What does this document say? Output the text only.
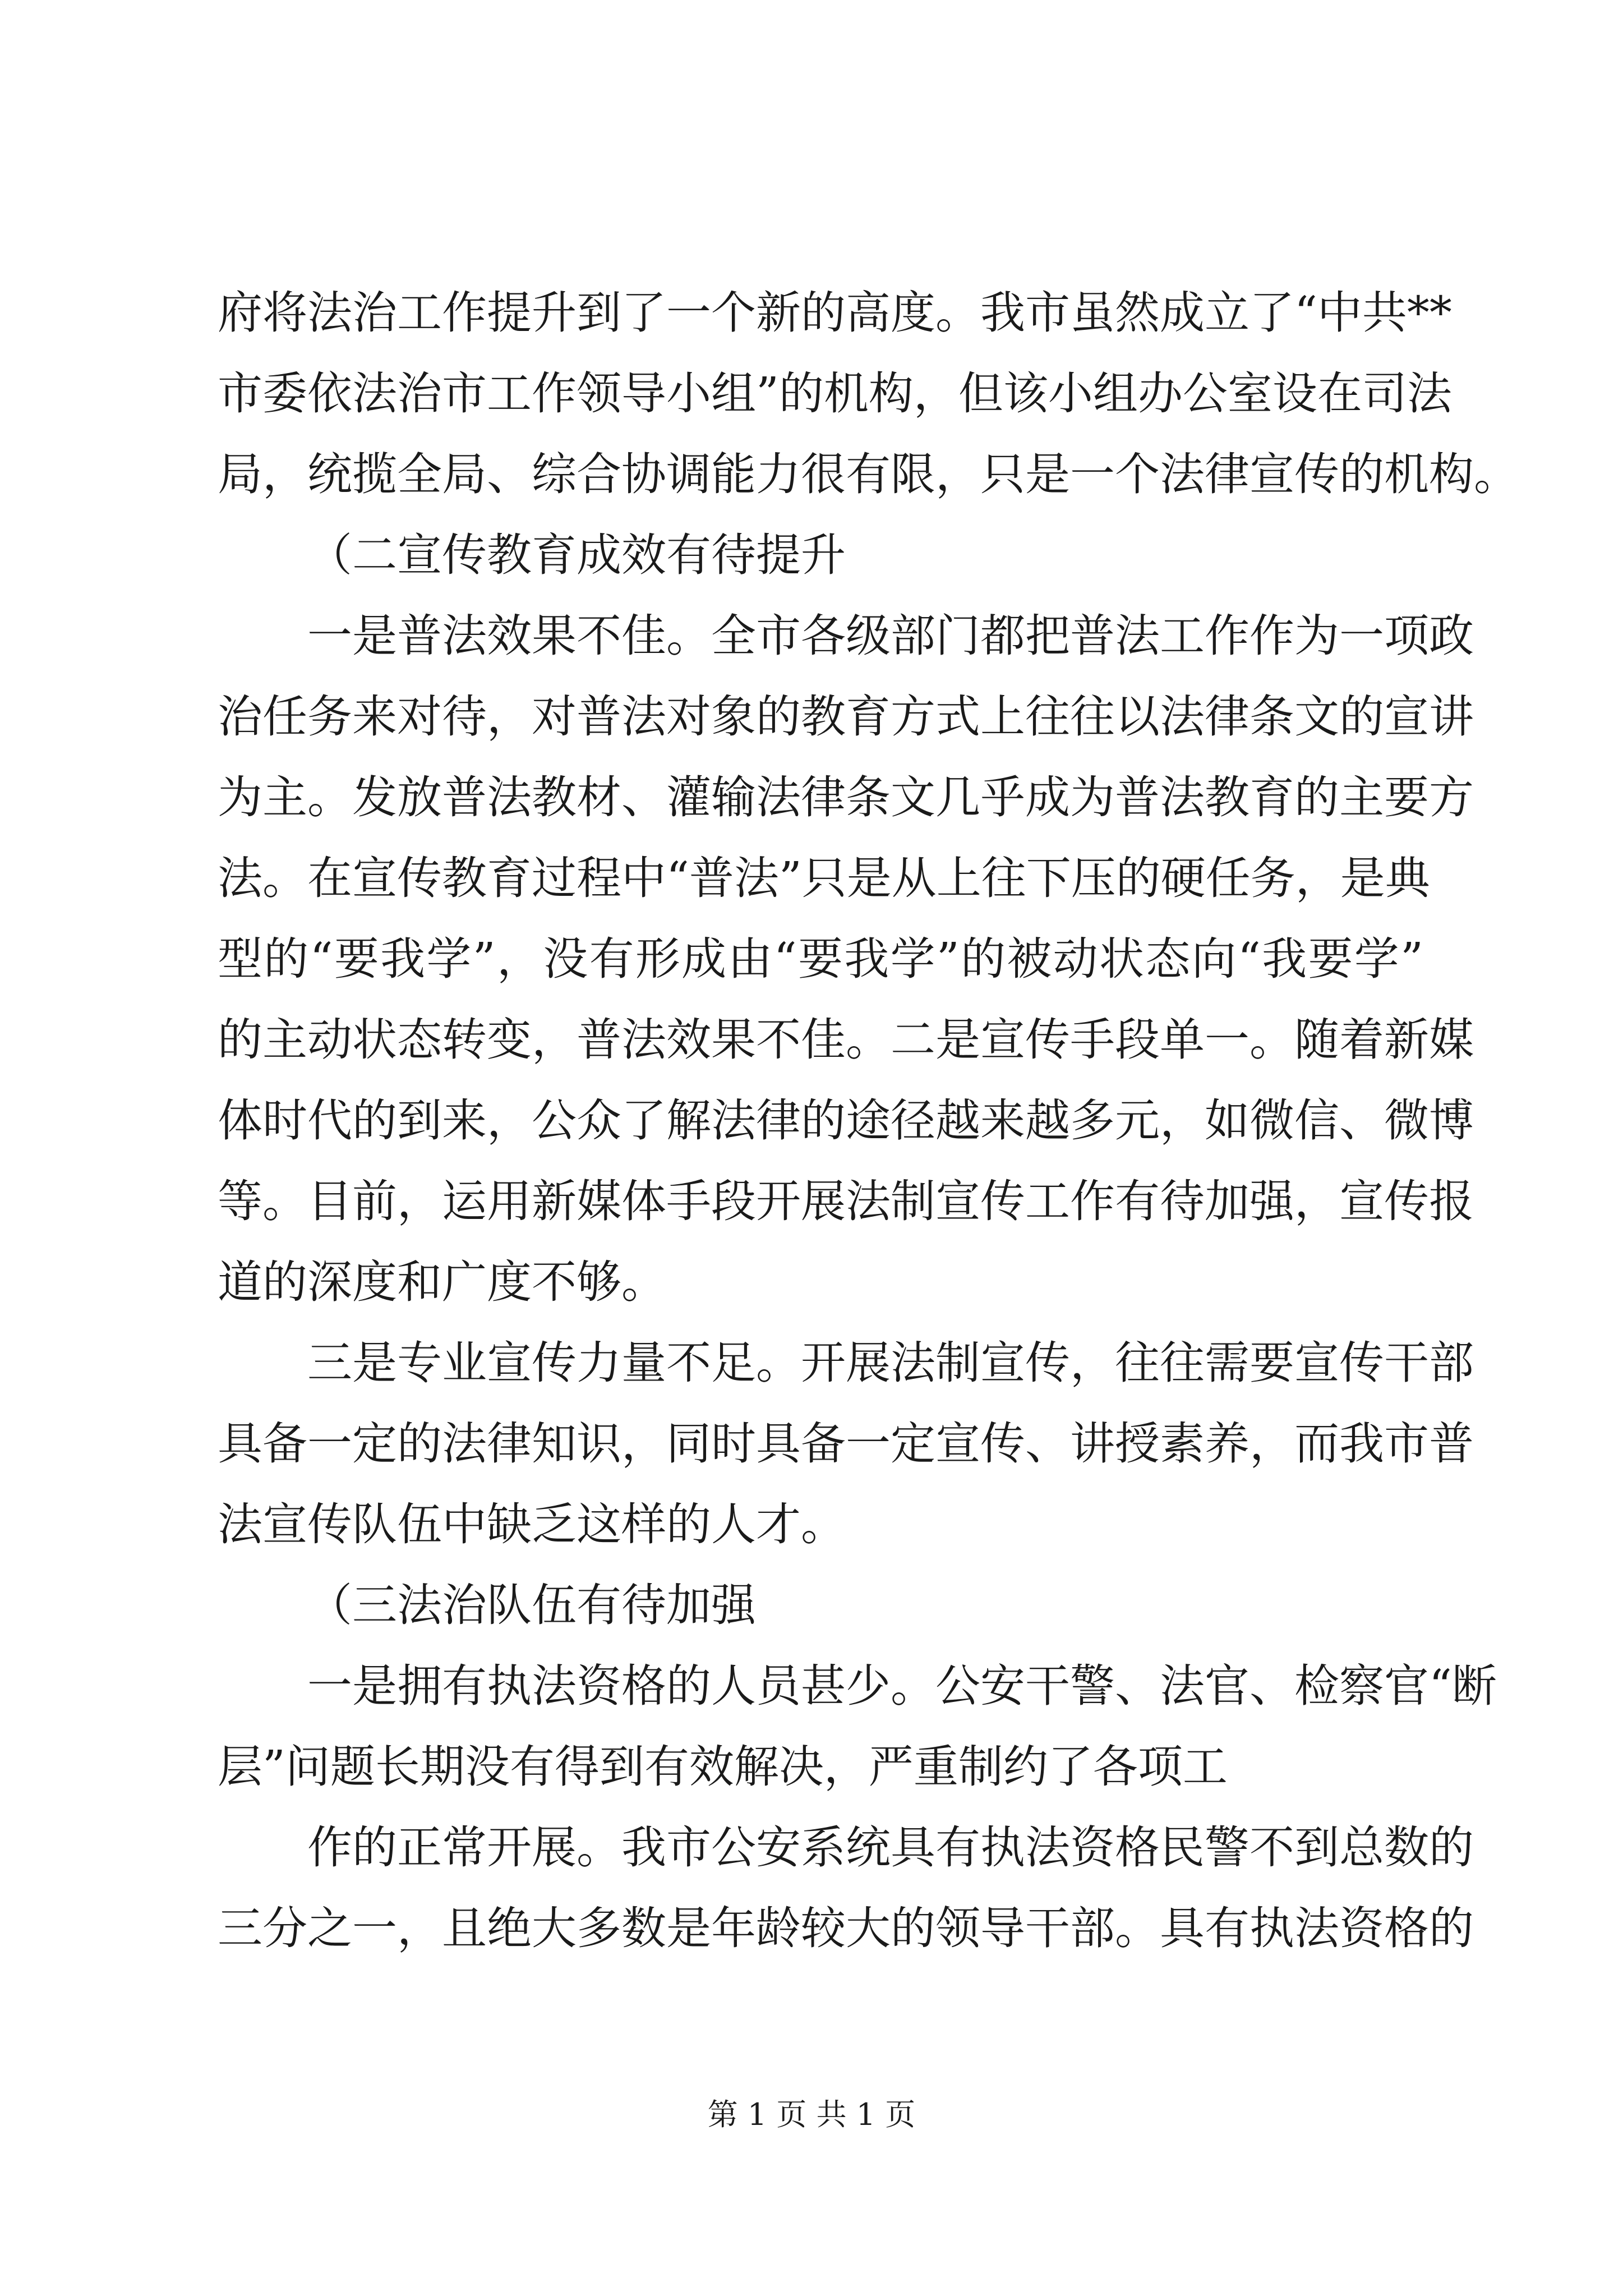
府将法治工作提升到了一个新的高度。我市虽然成立了“中共**
市委依法治市工作领导小组”的机构，但该小组办公室设在司法
局，统揽全局、综合协调能力很有限，只是一个法律宣传的机构。
（二宣传教育成效有待提升
一是普法效果不佳。全市各级部门都把普法工作作为一项政
治任务来对待，对普法对象的教育方式上往往以法律条文的宣讲
为主。发放普法教材、灌输法律条文几乎成为普法教育的主要方
法。在宣传教育过程中“普法”只是从上往下压的硬任务，是典
型的“要我学”，没有形成由“要我学”的被动状态向“我要学”
的主动状态转变，普法效果不佳。二是宣传手段单一。随着新媒
体时代的到来，公众了解法律的途径越来越多元，如微信、微博
等。目前，运用新媒体手段开展法制宣传工作有待加强，宣传报
道的深度和广度不够。
三是专业宣传力量不足。开展法制宣传，往往需要宣传干部
具备一定的法律知识，同时具备一定宣传、讲授素养，而我市普
法宣传队伍中缺乏这样的人才。
（三法治队伍有待加强
一是拥有执法资格的人员甚少。公安干警、法官、检察官“断
层”问题长期没有得到有效解决，严重制约了各项工
作的正常开展。我市公安系统具有执法资格民警不到总数的
三分之一，且绝大多数是年龄较大的领导干部。具有执法资格的
第 1 页 共 1 页
